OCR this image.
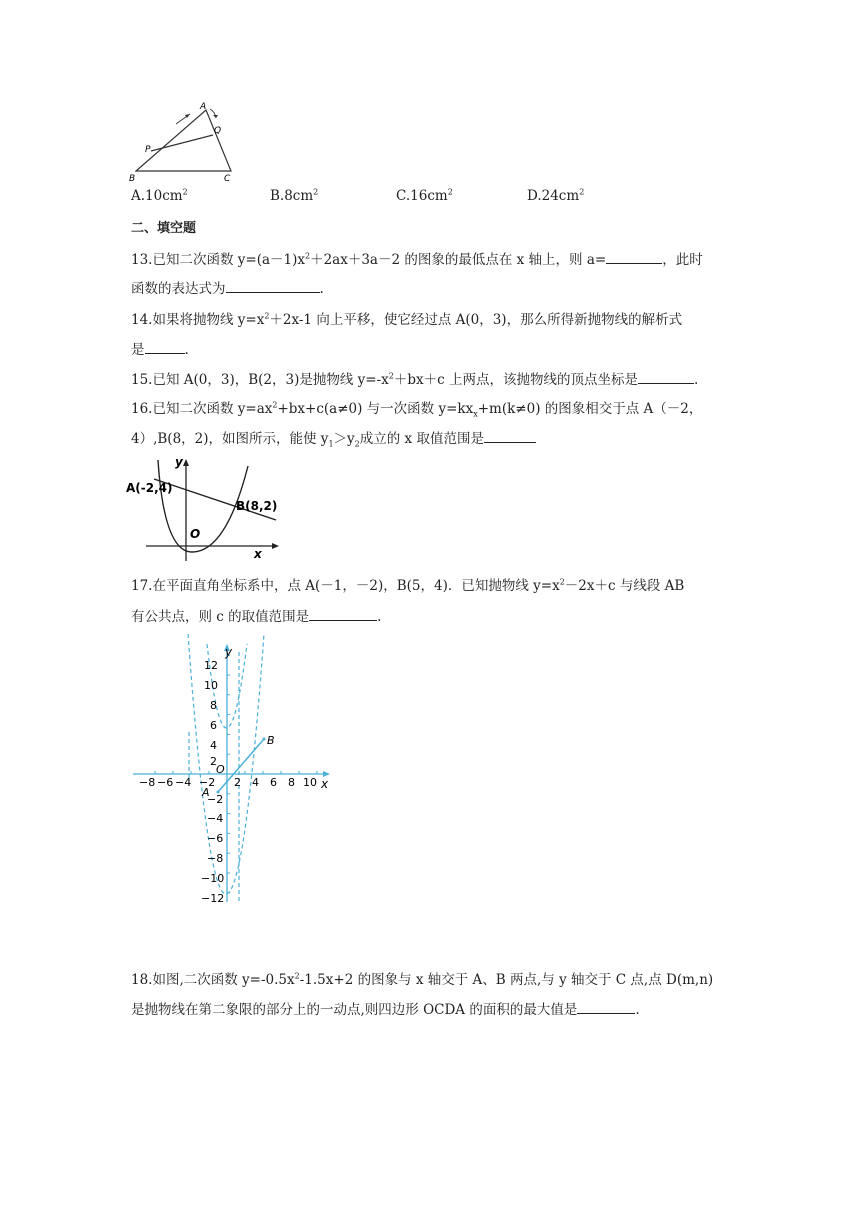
A
B	C
P
Q
$A.10cm^2$	$B.8cm^2$	$C.16cm^2$	$D.24cm^2$
二、填空题
13.已知二次函数 $y=(a-1)x^2+2ax+3a-2$ 的图象的最低点在 x 轴上，则 a=	，此时
函数的表达式为	.
14.如果将抛物线 $y=x^2+2x-1$ 向上平移，使它经过点 A(0，3)，那么所得新抛物线的解析式
是	.
15.已知 A(0，3)，B(2，3)是抛物线 $y=-x^2+bx+c$ 上两点，该抛物线的顶点坐标是	.
16.已知二次函数 $y=ax^2+bx+c(a\ne 0)$ 与一次函数 $y=kx_x+m(k\ne 0)$ 的图象相交于点 A（－2，
4）,B(8，2)，如图所示，能使 $y_1>y_2$成立的 x 取值范围是
A(-2,4)
B(8,2)
O
x
y
17.在平面直角坐标系中，点 A(－1，－2)，B(5，4)．已知抛物线 $y=x^2-2x+c$ 与线段 AB
有公共点，则 c 的取值范围是	.
−8 −6 −4 −2 2 4 6 8 10
12
10
8
6
4
2
−2
−4
−6
−8
−10
−12
x
y
O
A
B
18.如图,二次函数 $y=-0.5x^2-1.5x+2$ 的图象与 x 轴交于 A、B 两点,与 y 轴交于 C 点,点 D(m,n)
是抛物线在第二象限的部分上的一动点,则四边形 OCDA 的面积的最大值是	.
